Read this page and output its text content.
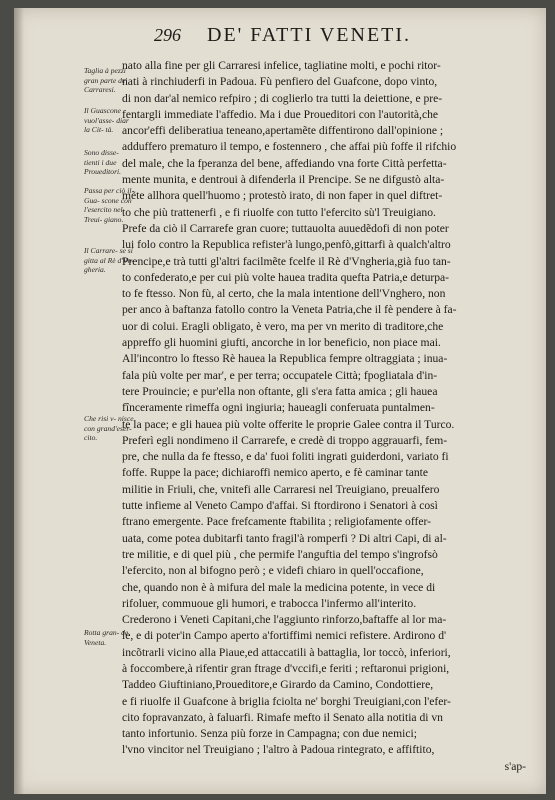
296 DE' FATTI VENETI.
Taglia à pezzi gran parte de' Carraresi.
Il Guascone vuol'asse- diar la Cit- tà.
Sono disse- tienti i due Proueditori.
Passa per ciò il Gua- scone con l'esercito nel Treui- giano.
Il Carrare- se si gitta al Rè d'Vn- gheria.
Che risi v- nisce con grand'eser- cito.
Rotta gran- de Veneta.
nato alla fine per gli Carraresi infelice, tagliatine molti, e pochi ritor-
nati à rinchiuderfi in Padoua. Fù penfiero del Guafcone, dopo vinto,
di non dar'al nemico refpiro ; di coglierlo tra tutti la deiettione, e pre-
fentargli immediate l'affedio. Ma i due Proueditori con l'autorità,che
ancor'effi deliberatiua teneano,apertamẽte diffentirono dall'opinione ;
adduffero prematuro il tempo, e fostennero , che affai più foffe il rifchio
del male, che la fperanza del bene, affediando vna forte Città perfetta-
mente munita, e dentroui à difenderla il Prencipe. Se ne difgustò alta-
mẽte allhora quell'huomo ; protestò irato, di non faper in quel diftret-
to che più trattenerfi , e fi riuolfe con tutto l'efercito sù'l Treuigiano.
Prefe da ciò il Carrarefe gran cuore; tuttauolta auuedẽdofi di non poter
lui folo contro la Republica refister'à lungo,penfò,gittarfi à qualch'altro
Prencipe,e trà tutti gl'altri facilmẽte fcelfe il Rè d'Vngheria,già fuo tan-
to confederato,e per cui più volte hauea tradita quefta Patria,e deturpa-
to fe ftesso. Non fù, al certo, che la mala intentione dell'Vnghero, non
per anco à baftanza fatollo contro la Veneta Patria,che il fè pendere à fa-
uor di colui. Eragli obligato, è vero, ma per vn merito di traditore,che
appreffo gli huomini giufti, ancorche in lor beneficio, non piace mai.
All'incontro lo ftesso Rè hauea la Republica fempre oltraggiata ; inua-
fala più volte per mar', e per terra; occupatele Città; fpogliatala d'in-
tere Prouincie; e pur'ella non oftante, gli s'era fatta amica ; gli hauea
fînceramente rimeffa ogni ingiuria; haueagli conferuata puntalmen-
te la pace; e gli hauea più volte offerite le proprie Galee contra il Turco.
Preferì egli nondimeno il Carrarefe, e credè di troppo aggrauarfi, fem-
pre, che nulla da fe ftesso, e da' fuoi foliti ingrati guiderdoni, variato fi
foffe. Ruppe la pace; dichiaroffi nemico aperto, e fè caminar tante
militie in Friuli, che, vnitefi alle Carraresi nel Treuigiano, preualfero
tutte infieme al Veneto Campo d'affai. Si ftordirono i Senatori à così
ftrano emergente. Pace frefcamente ftabilita ; religiofamente offer-
uata, come potea dubitarfi tanto fragil'à romperfi ? Di altri Capi, di al-
tre militie, e di quel più , che permife l'anguftia del tempo s'ingrofsò
l'efercito, non al bifogno però ; e videfi chiaro in quell'occafione,
che, quando non è à mifura del male la medicina potente, in vece di
rifoluer, commuoue gli humori, e trabocca l'infermo all'interito.
Crederono i Veneti Capitani,che l'aggiunto rinforzo,baftaffe al lor ma-
le, e di poter'in Campo aperto a'fortiffimi nemici refistere. Ardirono d'
incõtrarli vicino alla Piaue,ed attaccatili à battaglia, lor toccò, inferiori,
à foccombere,à rifentir gran ftrage d'vccifi,e feriti ; reftaronui prigioni,
Taddeo Giuftiniano,Proueditore,e Girardo da Camino, Condottiere,
e fi riuolfe il Guafcone à briglia fciolta ne' borghi Treuigiani,con l'efer-
cito fopravanzato, à faluarfi. Rimafe mefto il Senato alla notitia di vn
tanto infortunio. Senza più forze in Campagna; con due nemici;
l'vno vincitor nel Treuigiano ; l'altro à Padoua rintegrato, e affiftito,
s'ap-
